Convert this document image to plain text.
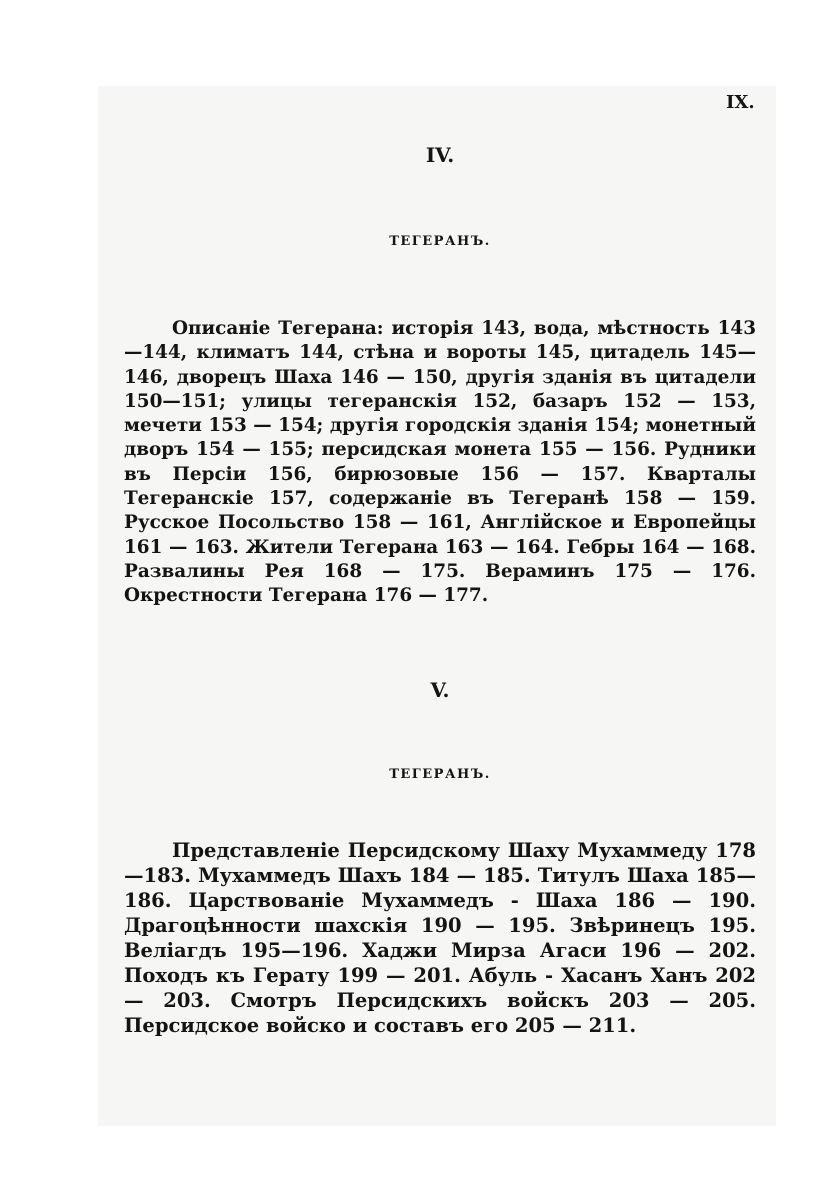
IX.
IV.
ТЕГЕРАНЪ.

Описаніе Тегерана: исторія 143, вода, мѣстность 143—144, климатъ 144, стѣна и вороты 145, цитадель 145—146, дворецъ Шаха 146 — 150, другія зданія въ цитадели 150—151; улицы тегеранскія 152, базаръ 152 — 153, мечети 153 — 154; другія городскія зданія 154; монетный дворъ 154 — 155; персидская монета 155 — 156. Рудники въ Персіи 156, бирюзовые 156 — 157. Кварталы Тегеранскіе 157, содержаніе въ Тегеранѣ 158 — 159. Русское Посольство 158 — 161, Англійское и Европейцы 161 — 163. Жители Тегерана 163 — 164. Гебры 164 — 168. Развалины Рея 168 — 175. Вераминъ 175 — 176. Окрестности Тегерана 176 — 177.

V.
ТЕГЕРАНЪ.

Представленіе Персидскому Шаху Мухаммеду 178—183. Мухаммедъ Шахъ 184 — 185. Титулъ Шаха 185—186. Царствованіе Мухаммедъ - Шаха 186 — 190. Драгоцѣнности шахскія 190 — 195. Звѣринецъ 195. Веліагдъ 195—196. Хаджи Мирза Агаси 196 — 202. Походъ къ Герату 199 — 201. Абуль - Хасанъ Ханъ 202 — 203. Смотръ Персидскихъ войскъ 203 — 205. Персидское войско и составъ его 205 — 211.
